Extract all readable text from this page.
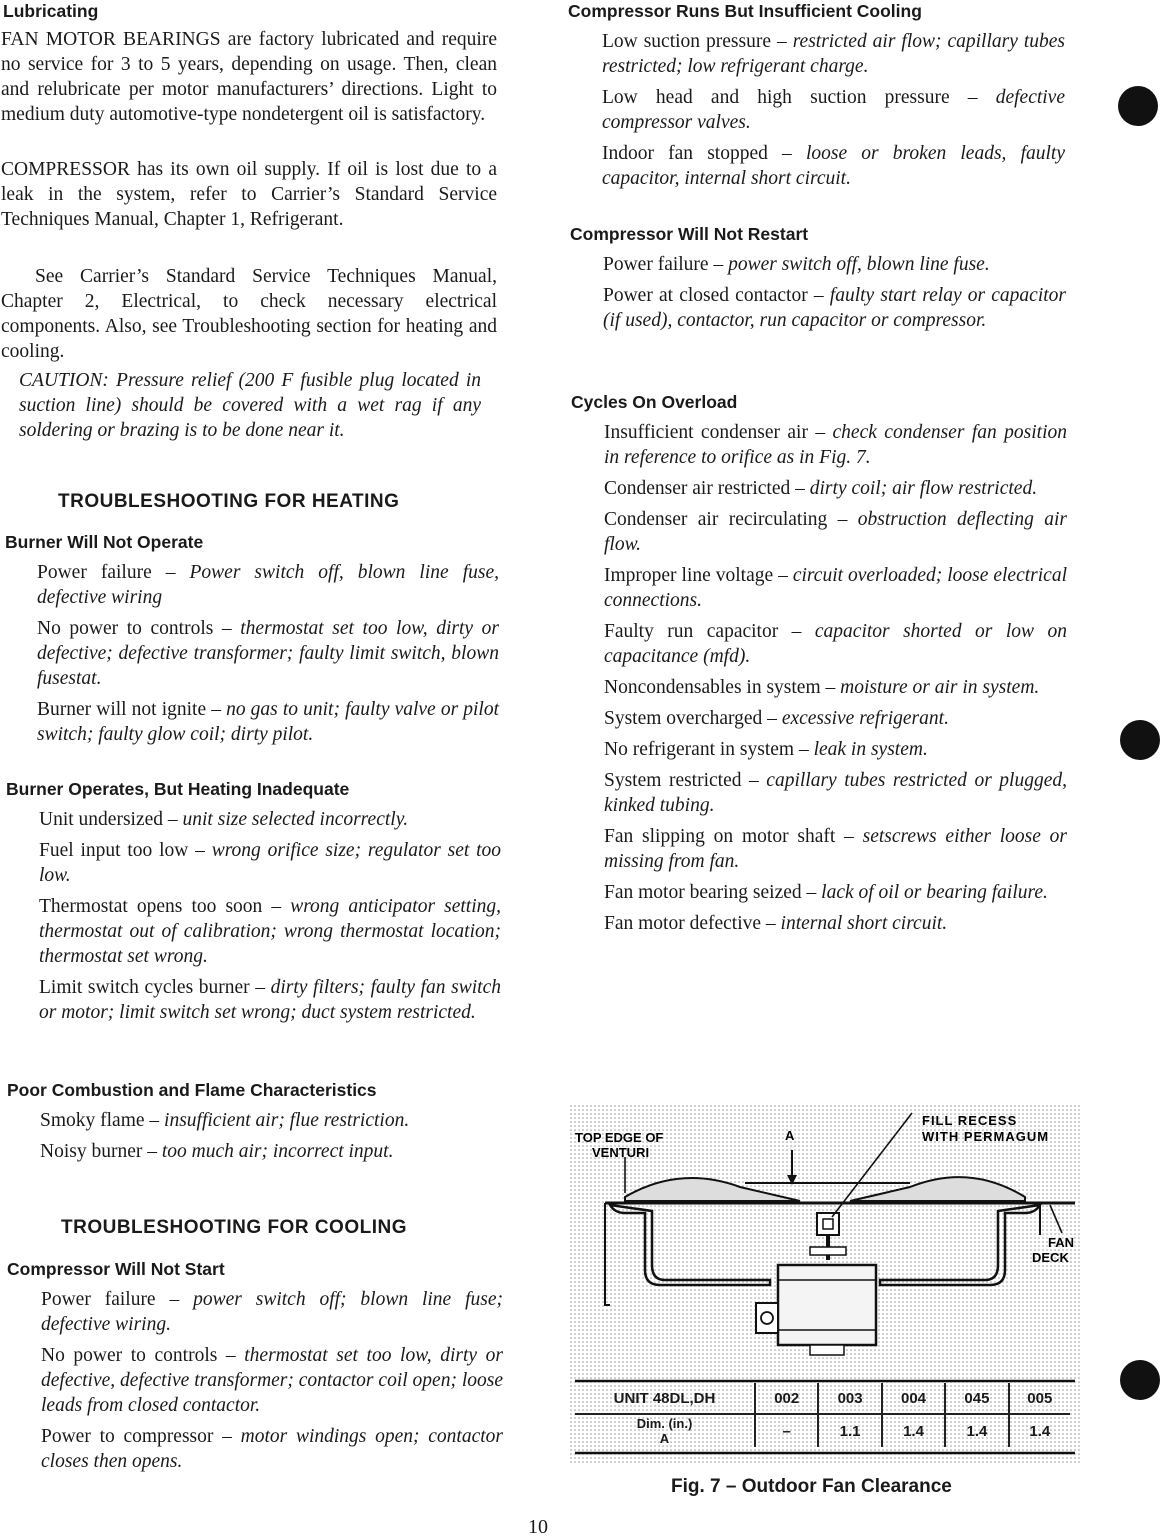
Lubricating
FAN MOTOR BEARINGS are factory lubricated and require no service for 3 to 5 years, depending on usage. Then, clean and relubricate per motor manufacturers’ directions. Light to medium duty automotive-type nondetergent oil is satisfactory.
COMPRESSOR has its own oil supply. If oil is lost due to a leak in the system, refer to Carrier’s Standard Service Techniques Manual, Chapter 1, Refrigerant.
See Carrier’s Standard Service Techniques Manual, Chapter 2, Electrical, to check necessary electrical components. Also, see Troubleshooting section for heating and cooling.
CAUTION: Pressure relief (200 F fusible plug located in suction line) should be covered with a wet rag if any soldering or brazing is to be done near it.
TROUBLESHOOTING FOR HEATING
Burner Will Not Operate

Power failure – Power switch off, blown line fuse, defective wiring

No power to controls – thermostat set too low, dirty or defective; defective transformer; faulty limit switch, blown fusestat.

Burner will not ignite – no gas to unit; faulty valve or pilot switch; faulty glow coil; dirty pilot.

Burner Operates, But Heating Inadequate

Unit undersized – unit size selected incorrectly.

Fuel input too low – wrong orifice size; regulator set too low.

Thermostat opens too soon – wrong anticipator setting, thermostat out of calibration; wrong thermostat location; thermostat set wrong.

Limit switch cycles burner – dirty filters; faulty fan switch or motor; limit switch set wrong; duct system restricted.

Poor Combustion and Flame Characteristics

Smoky flame – insufficient air; flue restriction.

Noisy burner – too much air; incorrect input.

TROUBLESHOOTING FOR COOLING
Compressor Will Not Start

Power failure – power switch off; blown line fuse; defective wiring.

No power to controls – thermostat set too low, dirty or defective, defective transformer; contactor coil open; loose leads from closed contactor.

Power to compressor – motor windings open; contactor closes then opens.

Compressor Runs But Insufficient Cooling

Low suction pressure – restricted air flow; capillary tubes restricted; low refrigerant charge.

Low head and high suction pressure – defective compressor valves.

Indoor fan stopped – loose or broken leads, faulty capacitor, internal short circuit.

Compressor Will Not Restart

Power failure – power switch off, blown line fuse.

Power at closed contactor – faulty start relay or capacitor (if used), contactor, run capacitor or compressor.

Cycles On Overload

Insufficient condenser air – check condenser fan position in reference to orifice as in Fig. 7.

Condenser air restricted – dirty coil; air flow restricted.

Condenser air recirculating – obstruction deflecting air flow.

Improper line voltage – circuit overloaded; loose electrical connections.

Faulty run capacitor – capacitor shorted or low on capacitance (mfd).

Noncondensables in system – moisture or air in system.

System overcharged – excessive refrigerant.

No refrigerant in system – leak in system.

System restricted – capillary tubes restricted or plugged, kinked tubing.

Fan slipping on motor shaft – setscrews either loose or missing from fan.

Fan motor bearing seized – lack of oil or bearing failure.

Fan motor defective – internal short circuit.

TOP EDGE OF
VENTURI
A
FILL RECESS
WITH PERMAGUM
FAN
DECK
UNIT 48DL,DH	002	003	004	045	005
Dim. (in.)
A	–	1.1	1.4	1.4	1.4
Fig. 7 – Outdoor Fan Clearance
10
